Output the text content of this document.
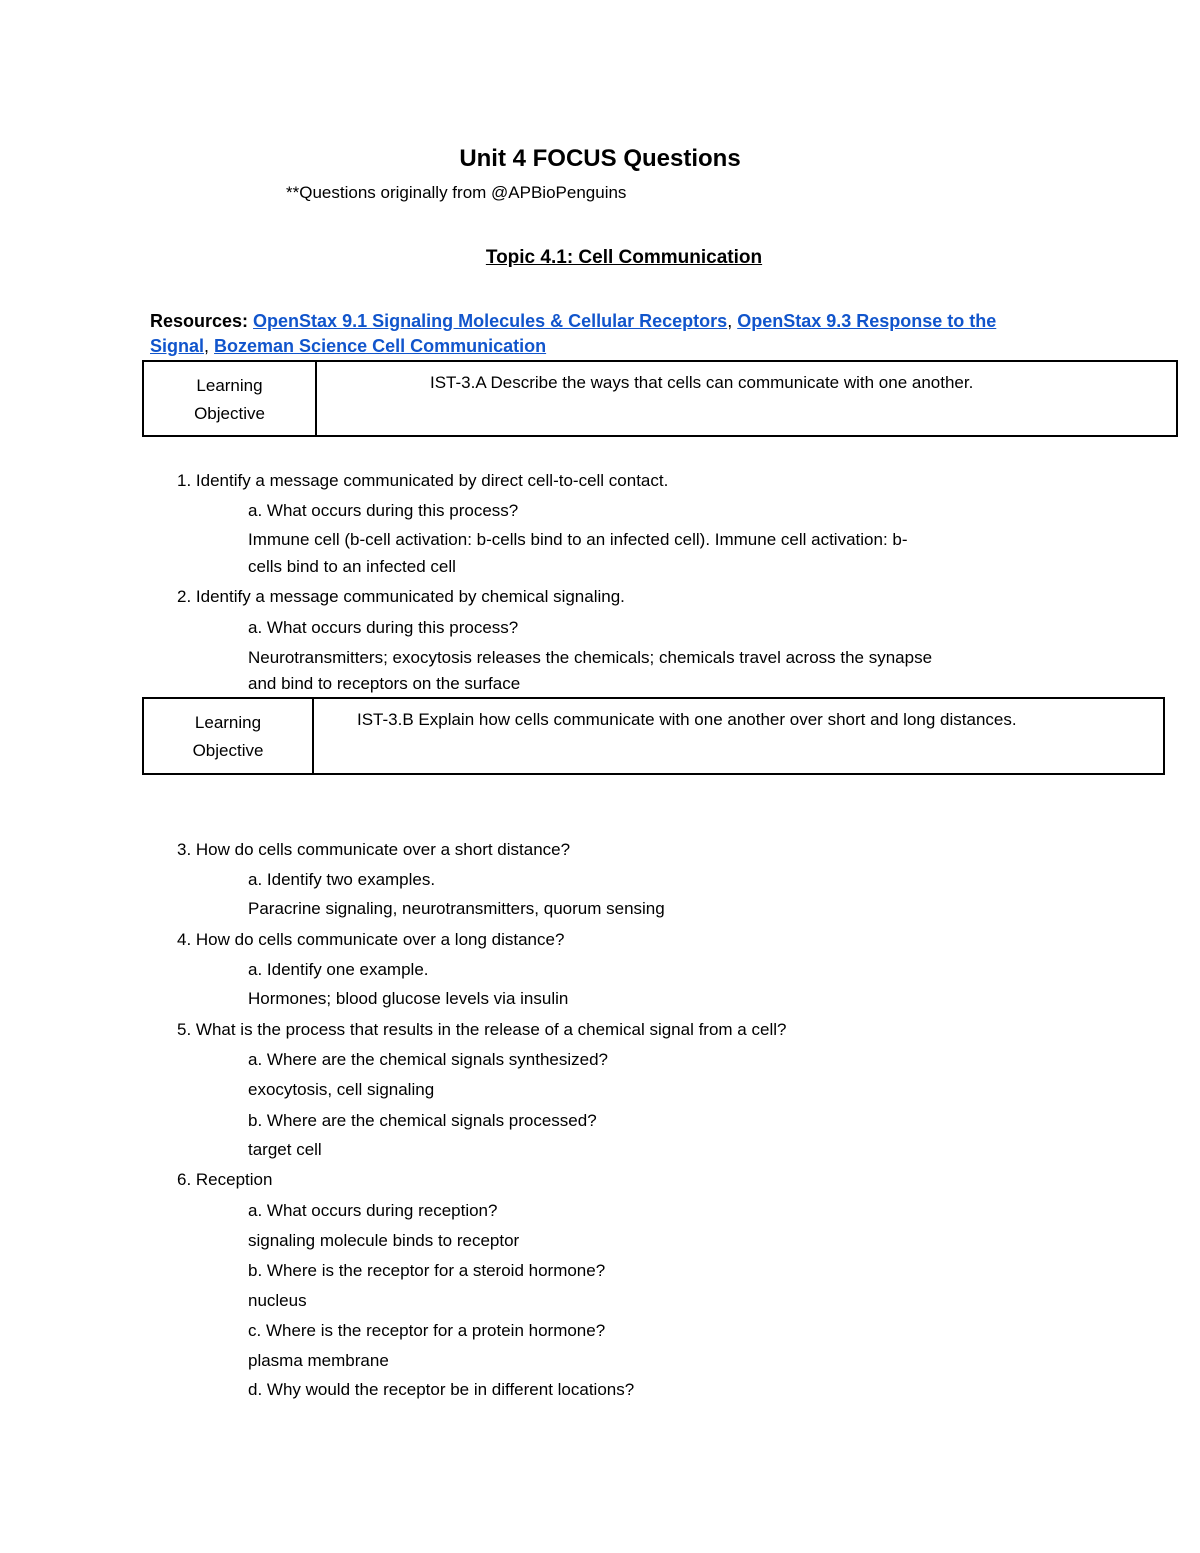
Unit 4 FOCUS Questions
**Questions originally from @APBioPenguins
Topic 4.1: Cell Communication
Resources: OpenStax 9.1 Signaling Molecules & Cellular Receptors, OpenStax 9.3 Response to the
Signal, Bozeman Science Cell Communication
Learning
Objective
IST-3.A Describe the ways that cells can communicate with one another.
1. Identify a message communicated by direct cell-to-cell contact.
a. What occurs during this process?
Immune cell (b-cell activation: b-cells bind to an infected cell). Immune cell activation: b-
cells bind to an infected cell
2. Identify a message communicated by chemical signaling.
a. What occurs during this process?
Neurotransmitters; exocytosis releases the chemicals; chemicals travel across the synapse
and bind to receptors on the surface
Learning
Objective
IST-3.B Explain how cells communicate with one another over short and long distances.
3. How do cells communicate over a short distance?
a. Identify two examples.
Paracrine signaling, neurotransmitters, quorum sensing
4. How do cells communicate over a long distance?
a. Identify one example.
Hormones; blood glucose levels via insulin
5. What is the process that results in the release of a chemical signal from a cell?
a. Where are the chemical signals synthesized?
exocytosis, cell signaling
b. Where are the chemical signals processed?
target cell
6. Reception
a. What occurs during reception?
signaling molecule binds to receptor
b. Where is the receptor for a steroid hormone?
nucleus
c. Where is the receptor for a protein hormone?
plasma membrane
d. Why would the receptor be in different locations?
